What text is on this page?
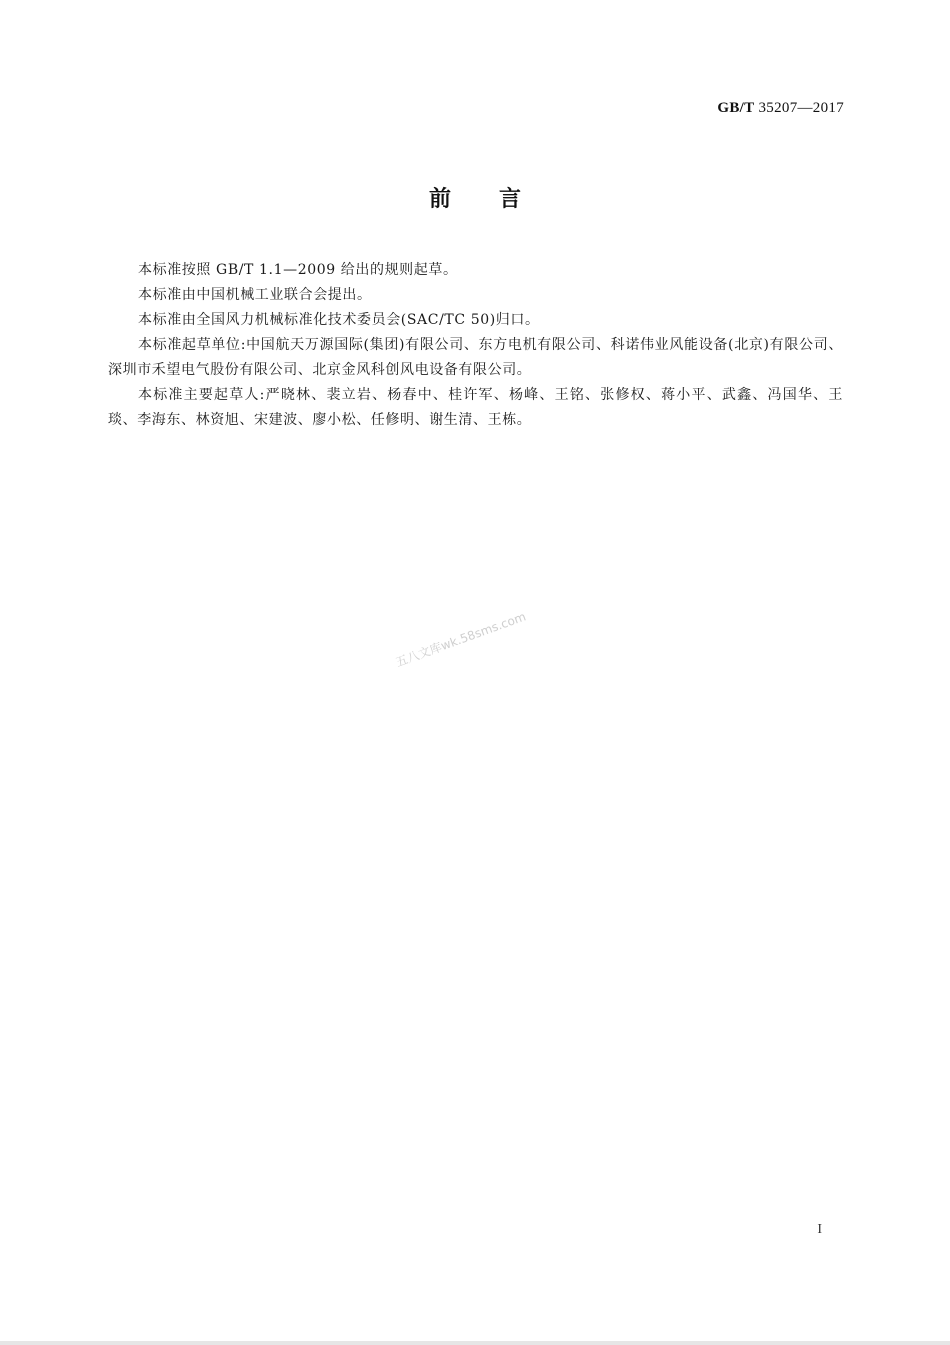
GB/T 35207—2017
前言

本标准按照 GB/T 1.1—2009 给出的规则起草。

本标准由中国机械工业联合会提出。

本标准由全国风力机械标准化技术委员会(SAC/TC 50)归口。

本标准起草单位:中国航天万源国际(集团)有限公司、东方电机有限公司、科诺伟业风能设备(北京)有限公司、深圳市禾望电气股份有限公司、北京金风科创风电设备有限公司。

本标准主要起草人:严晓林、裴立岩、杨春中、桂许军、杨峰、王铭、张修权、蒋小平、武鑫、冯国华、王琰、李海东、林资旭、宋建波、廖小松、任修明、谢生清、王栋。

五八文库wk.58sms.com
I
